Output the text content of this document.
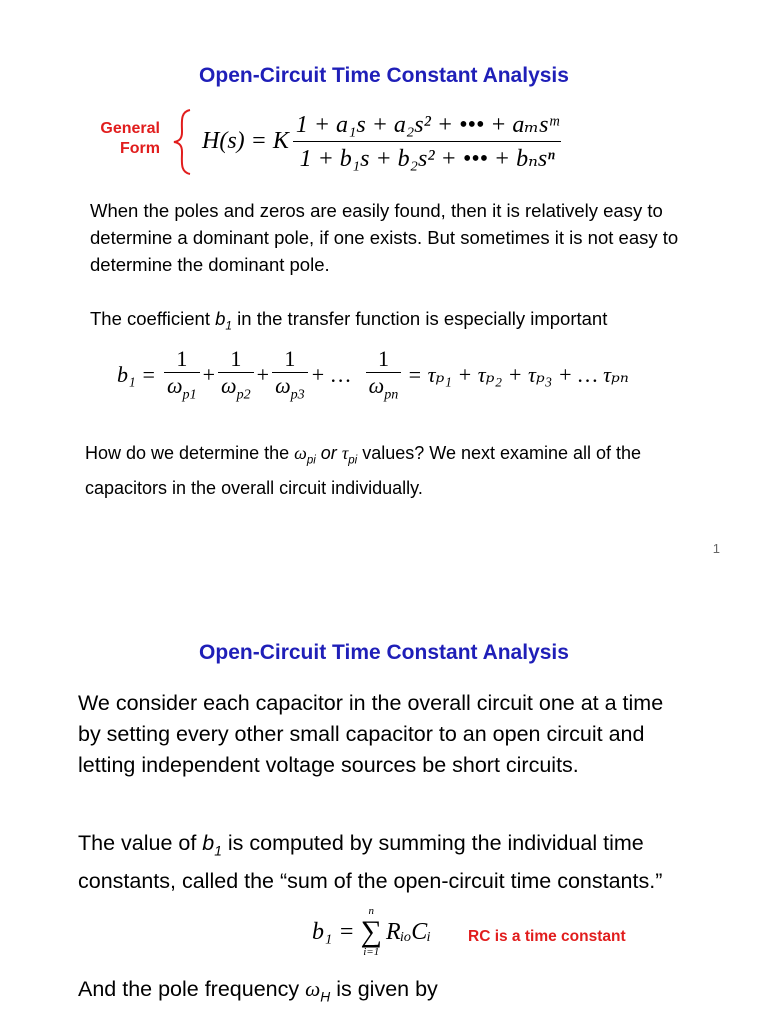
Open-Circuit Time Constant Analysis
General
Form H(s) = K $\frac{\text{1 + a₁s + a₂s² + ••• + aₘsᵐ}}{\text{1 + b₁s + b₂s² + ••• + bₙsⁿ}}$
When the poles and zeros are easily found, then it is relatively easy to determine a dominant pole, if one exists. But sometimes it is not easy to determine the dominant pole.
The coefficient $b_1$ in the transfer function is especially important
$b_1 = \frac{1}{\omega_{p1}} + \frac{1}{\omega_{p2}} + \frac{1}{\omega_{p3}}$ + … $\frac{1}{\omega_{pn}} = \tau_{p1} + \tau_{p2} + \tau_{p3}$ + … τₚₙ
How do we determine the $\omega_{pi}$ or $\tau_{pi}$ values? We next examine all of the capacitors in the overall circuit individually.
1
Open-Circuit Time Constant Analysis
We consider each capacitor in the overall circuit one at a time by setting every other small capacitor to an open circuit and letting independent voltage sources be short circuits.
The value of $b_1$ is computed by summing the individual time constants, called the “sum of the open-circuit time constants.”
b₁ =
n
∑
i=1
RᵢₒCᵢ RC is a time constant
And the pole frequency $\omega_H$ is given by
